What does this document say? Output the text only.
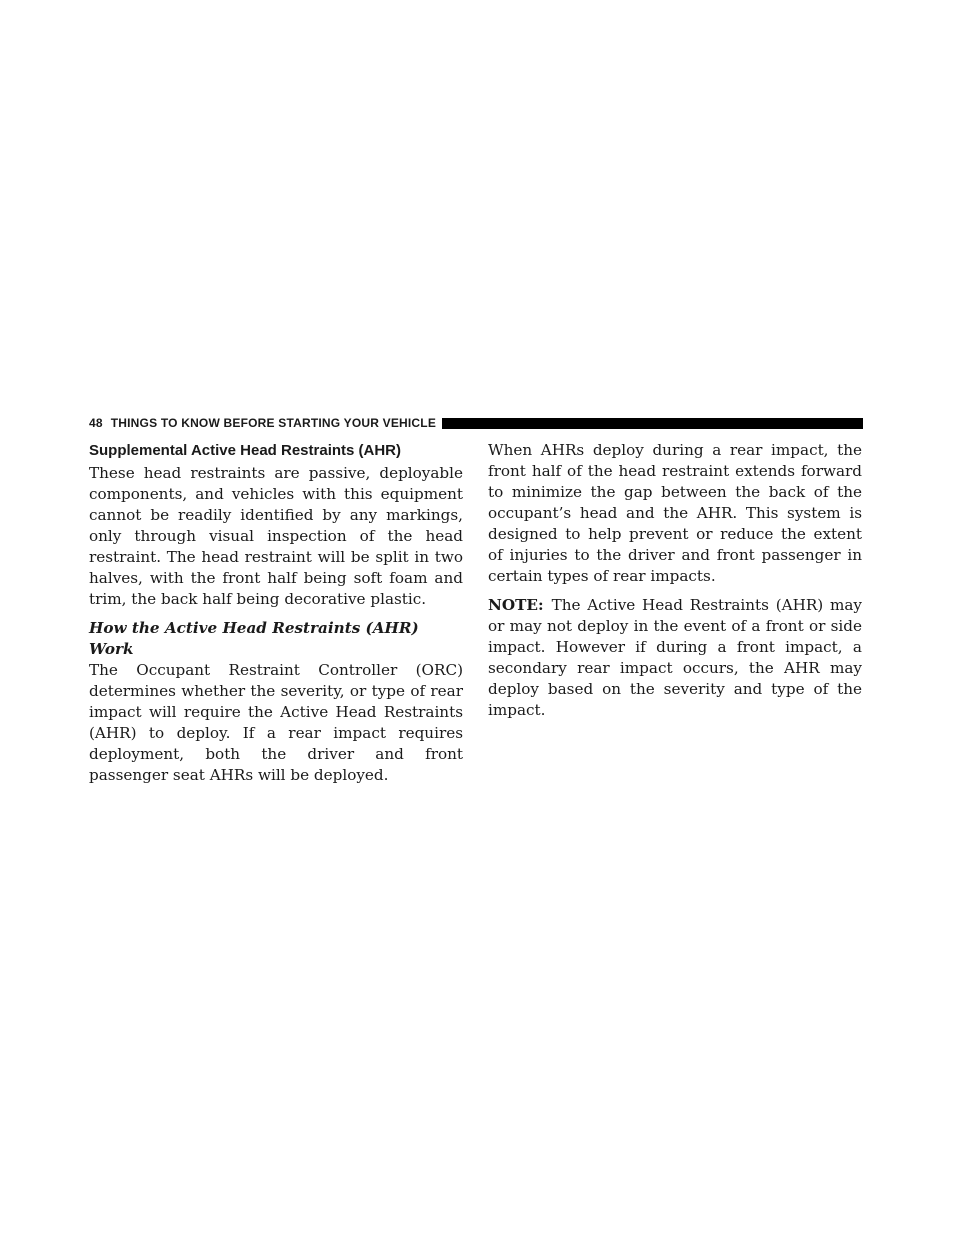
48 THINGS TO KNOW BEFORE STARTING YOUR VEHICLE
Supplemental Active Head Restraints (AHR)

These head restraints are passive, deployable components, and vehicles with this equipment cannot be readily identified by any markings, only through visual inspection of the head restraint. The head restraint will be split in two halves, with the front half being soft foam and trim, the back half being decorative plastic.

How the Active Head Restraints (AHR) Work

The Occupant Restraint Controller (ORC) determines whether the severity, or type of rear impact will require the Active Head Restraints (AHR) to deploy. If a rear impact requires deployment, both the driver and front passenger seat AHRs will be deployed.

When AHRs deploy during a rear impact, the front half of the head restraint extends forward to minimize the gap between the back of the occupant’s head and the AHR. This system is designed to help prevent or reduce the extent of injuries to the driver and front passenger in certain types of rear impacts.

NOTE: The Active Head Restraints (AHR) may or may not deploy in the event of a front or side impact. However if during a front impact, a secondary rear impact occurs, the AHR may deploy based on the severity and type of the impact.
